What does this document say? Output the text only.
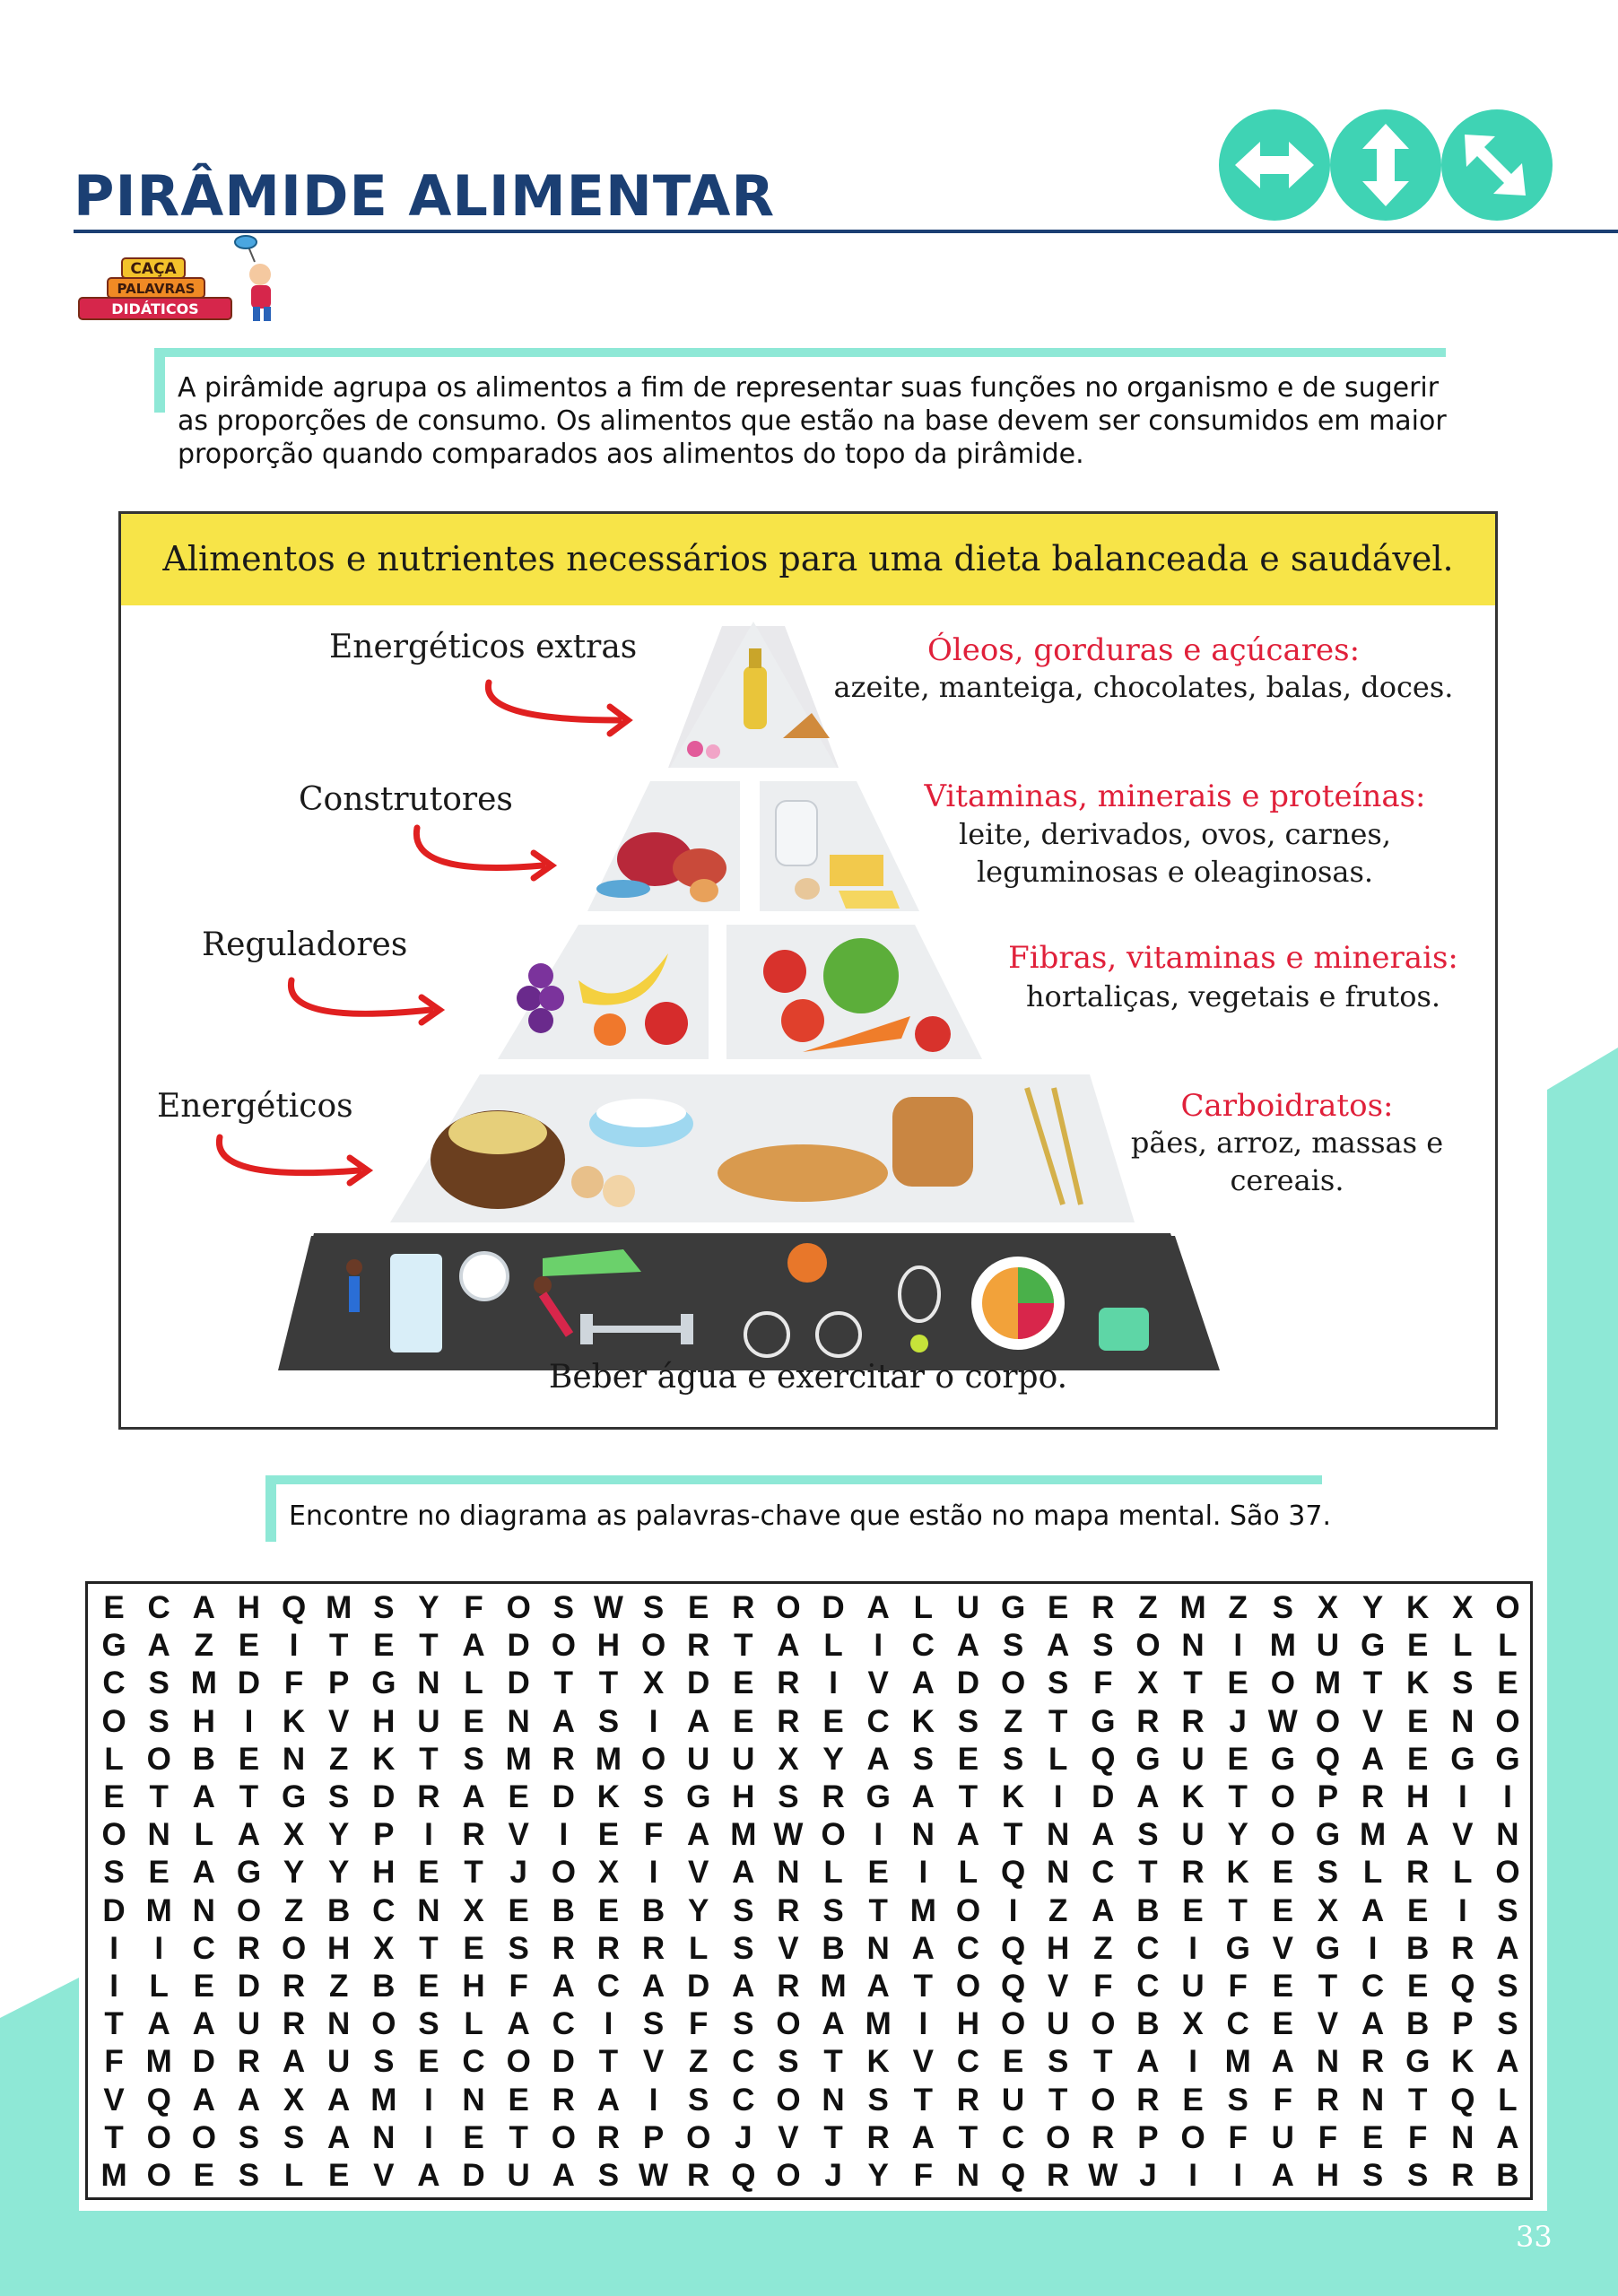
PIRÂMIDE ALIMENTAR
CAÇA
PALAVRAS
DIDÁTICOS

A pirâmide agrupa os alimentos a fim de representar suas funções no organismo e de sugerir

as proporções de consumo. Os alimentos que estão na base devem ser consumidos em maior

proporção quando comparados aos alimentos do topo da pirâmide.

Alimentos e nutrientes necessários para uma dieta balanceada e saudável.
Energéticos extras
Construtores
Reguladores
Energéticos
Óleos, gorduras e açúcares:
azeite, manteiga, chocolates, balas, doces.
Vitaminas, minerais e proteínas:
leite, derivados, ovos, carnes,
leguminosas e oleaginosas.
Fibras, vitaminas e minerais:
hortaliças, vegetais e frutos.
Carboidratos:
pães, arroz, massas e
cereais.
Beber água e exercitar o corpo.
Encontre no diagrama as palavras-chave que estão no mapa mental. São 37.
E C A H Q M S Y F O S W S E R O D A L U G E R Z M Z S X Y K X O
G A Z E I T E T A D O H O R T A L I C A S A S O N I M U G E L L
C S M D F P G N L D T T X D E R I V A D O S F X T E O M T K S E
O S H I K V H U E N A S I A E R E C K S Z T G R R J W O V E N O
L O B E N Z K T S M R M O U U X Y A S E S L Q G U E G Q A E G G
E T A T G S D R A E D K S G H S R G A T K I D A K T O P R H I	I
O N L A X Y P I R V I E F A M W O I N A T N A S U Y O G M A V N
S E A G Y Y H E T J O X I V A N L E I L Q N C T R K E S L R L O
D M N O Z B C N X E B E B Y S R S T M O I Z A B E T E X A E I S
I	I C R O H X T E S R R R L S V B N A C Q H Z C I G V G I B R A
I L E D R Z B E H F A C A D A R M A T O Q V F C U F E T C E Q S
T A A U R N O S L A C I S F S O A M I H O U O B X C E V A B P S
F M D R A U S E C O D T V Z C S T K V C E S T A I M A N R G K A
V Q A A X A M I N E R A I S C O N S T R U T O R E S F R N T Q L
T O O S S A N I E T O R P O J V T R A T C O R P O F U F E F N A
M O E S L E V A D U A S W R Q O J Y F N Q R W J	I	I A H S S R B
33
